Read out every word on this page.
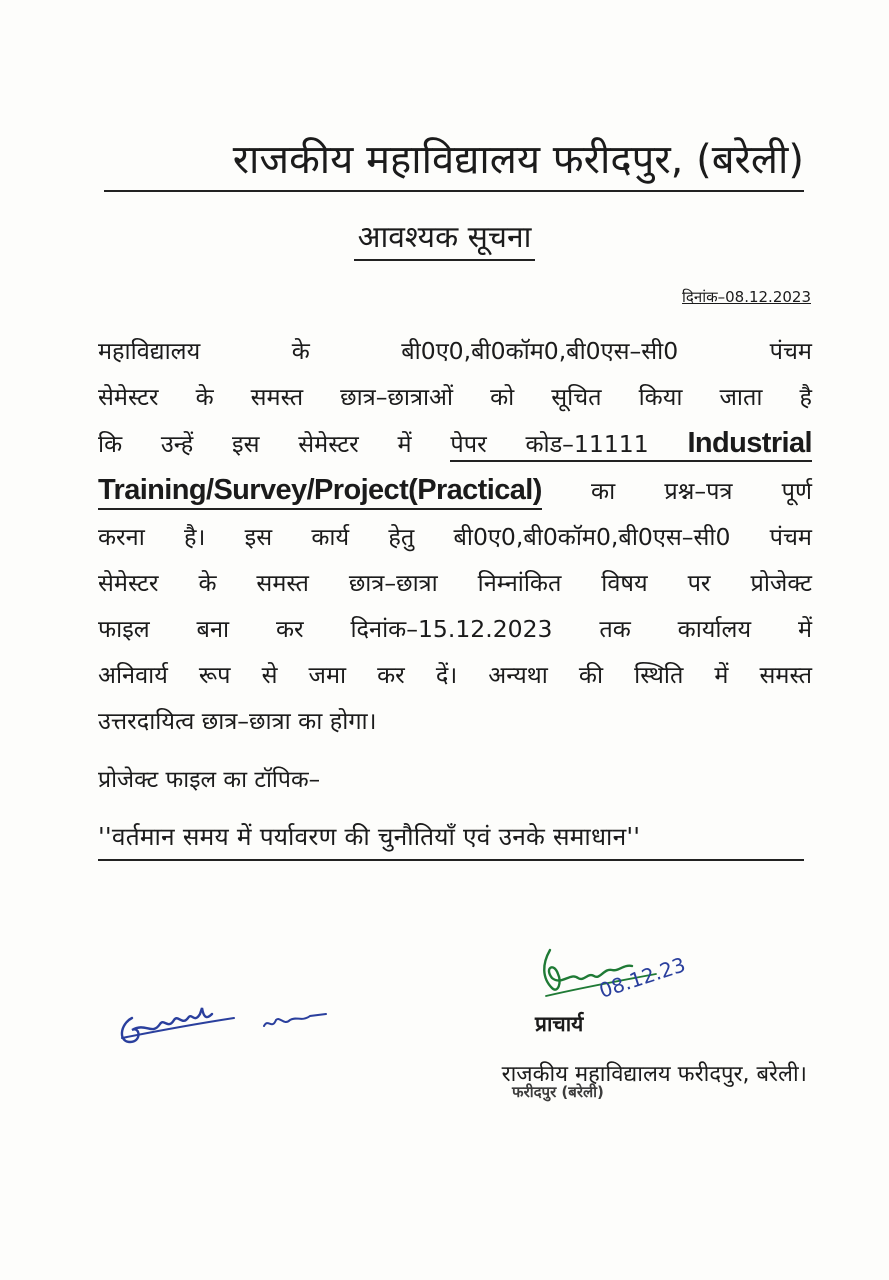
राजकीय महाविद्यालय फरीदपुर, (बरेली)
आवश्यक सूचना
दिनांक–08.12.2023
महाविद्यालय के बी0ए0,बी0कॉम0,बी0एस–सी0 पंचम
सेमेस्टर के समस्त छात्र–छात्राओं को सूचित किया जाता है
कि उन्हें इस सेमेस्टर में पेपर कोड–11111 Industrial
Training/Survey/Project(Practical) का प्रश्न–पत्र पूर्ण
करना है। इस कार्य हेतु बी0ए0,बी0कॉम0,बी0एस–सी0 पंचम
सेमेस्टर के समस्त छात्र–छात्रा निम्नांकित विषय पर प्रोजेक्ट
फाइल बना कर दिनांक–15.12.2023 तक कार्यालय में
अनिवार्य रूप से जमा कर दें। अन्यथा की स्थिति में समस्त
उत्तरदायित्व छात्र–छात्रा का होगा।
प्रोजेक्ट फाइल का टॉपिक–
''वर्तमान समय में पर्यावरण की चुनौतियाँ एवं उनके समाधान''
08.12.23
प्राचार्य
राजकीय महाविद्यालय फरीदपुर, बरेली।
फरीदपुर (बरेली)
